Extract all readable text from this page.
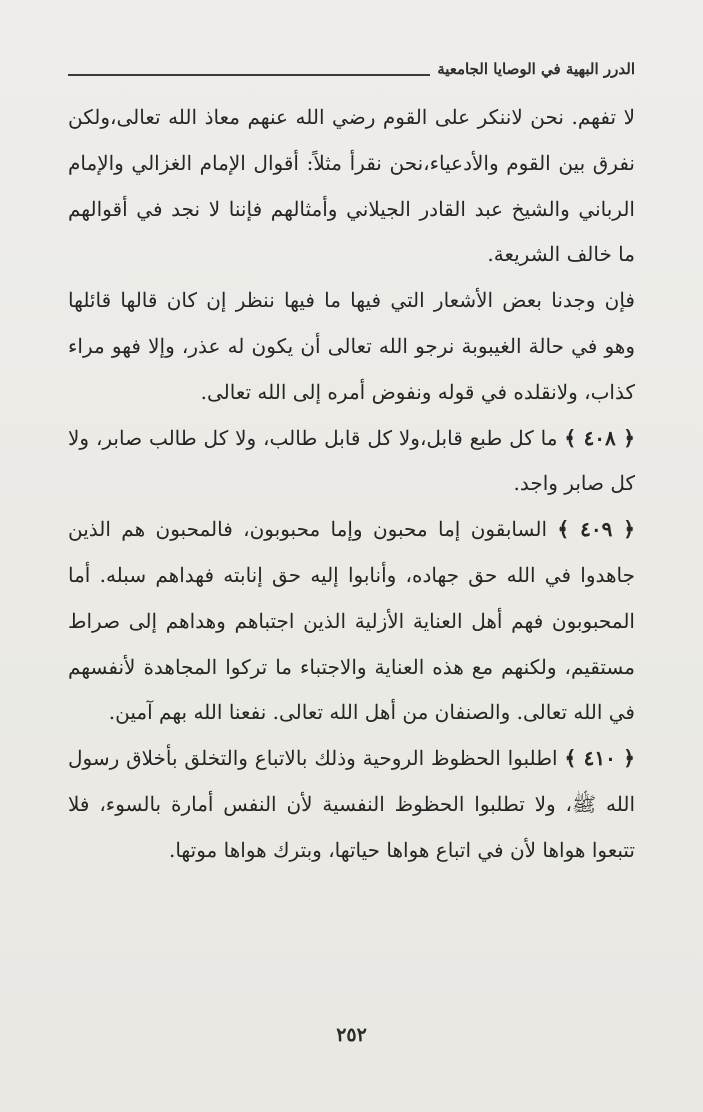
الدرر البهية في الوصايا الجامعية

لا تفهم. نحن لاننكر على القوم رضي الله عنهم معاذ الله تعالى،ولكن نفرق بين القوم والأدعياء،نحن نقرأ مثلاً: أقوال الإمام الغزالي والإمام الرباني والشيخ عبد القادر الجيلاني وأمثالهم فإننا لا نجد في أقوالهم ما خالف الشريعة.

فإن وجدنا بعض الأشعار التي فيها ما فيها ننظر إن كان قالها قائلها وهو في حالة الغيبوبة نرجو الله تعالى أن يكون له عذر، وإلا فهو مراء كذاب، ولانقلده في قوله ونفوض أمره إلى الله تعالى.

﴿ ٤٠٨ ﴾ ما كل طبع قابل،ولا كل قابل طالب، ولا كل طالب صابر، ولا كل صابر واجد.

﴿ ٤٠٩ ﴾ السابقون إما محبون وإما محبوبون، فالمحبون هم الذين جاهدوا في الله حق جهاده، وأنابوا إليه حق إنابته فهداهم سبله. أما المحبوبون فهم أهل العناية الأزلية الذين اجتباهم وهداهم إلى صراط مستقيم، ولكنهم مع هذه العناية والاجتباء ما تركوا المجاهدة لأنفسهم في الله تعالى. والصنفان من أهل الله تعالى. نفعنا الله بهم آمين.

﴿ ٤١٠ ﴾ اطلبوا الحظوظ الروحية وذلك بالاتباع والتخلق بأخلاق رسول الله ﷺ، ولا تطلبوا الحظوظ النفسية لأن النفس أمارة بالسوء، فلا تتبعوا هواها لأن في اتباع هواها حياتها، وبترك هواها موتها.

٢٥٢
